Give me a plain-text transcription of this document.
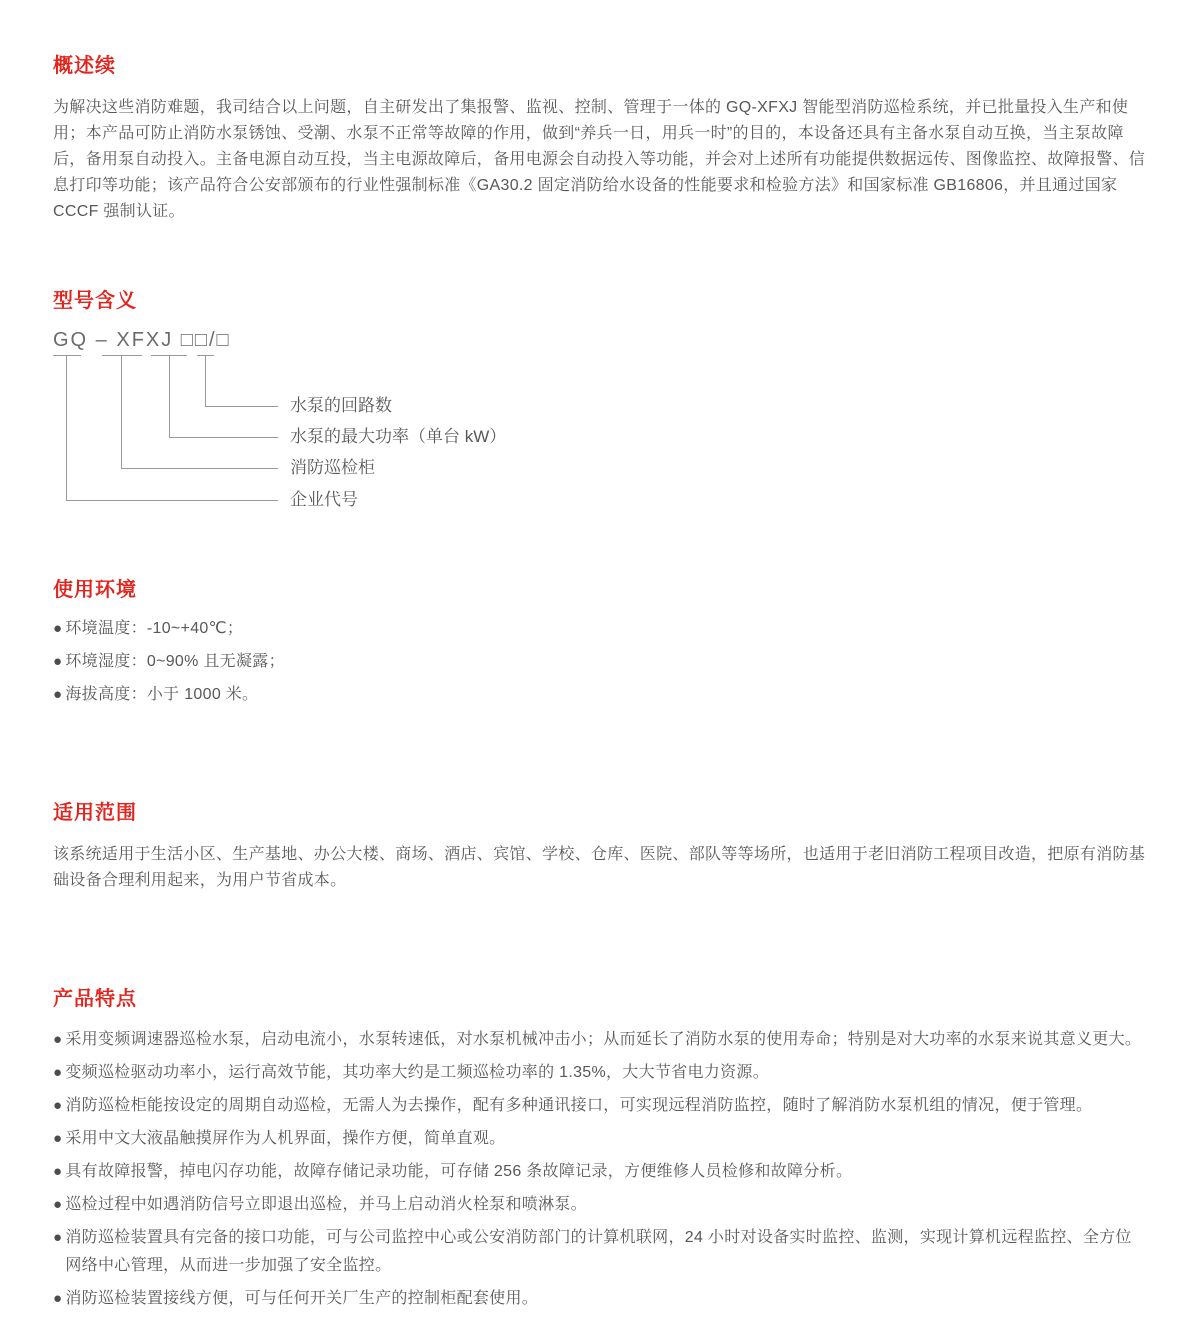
概述续

为解决这些消防难题，我司结合以上问题，自主研发出了集报警、监视、控制、管理于一体的 GQ-XFXJ 智能型消防巡检系统，并已批量投入生产和使用；本产品可防止消防水泵锈蚀、受潮、水泵不正常等故障的作用，做到“养兵一日，用兵一时”的目的，本设备还具有主备水泵自动互换，当主泵故障后，备用泵自动投入。主备电源自动互投，当主电源故障后，备用电源会自动投入等功能，并会对上述所有功能提供数据远传、图像监控、故障报警、信息打印等功能；该产品符合公安部颁布的行业性强制标准《GA30.2 固定消防给水设备的性能要求和检验方法》和国家标准 GB16806，并且通过国家 CCCF 强制认证。

型号含义
GQ – XFXJ □□/□
水泵的回路数
水泵的最大功率（单台 kW）
消防巡检柜
企业代号
使用环境
● 环境温度：-10~+40℃；
● 环境湿度：0~90% 且无凝露；
● 海拔高度：小于 1000 米。
适用范围

该系统适用于生活小区、生产基地、办公大楼、商场、酒店、宾馆、学校、仓库、医院、部队等等场所，也适用于老旧消防工程项目改造，把原有消防基础设备合理利用起来，为用户节省成本。

产品特点
● 采用变频调速器巡检水泵，启动电流小，水泵转速低，对水泵机械冲击小；从而延长了消防水泵的使用寿命；特别是对大功率的水泵来说其意义更大。
● 变频巡检驱动功率小，运行高效节能，其功率大约是工频巡检功率的 1.35%，大大节省电力资源。
● 消防巡检柜能按设定的周期自动巡检，无需人为去操作，配有多种通讯接口，可实现远程消防监控，随时了解消防水泵机组的情况，便于管理。
● 采用中文大液晶触摸屏作为人机界面，操作方便，简单直观。
● 具有故障报警，掉电闪存功能，故障存储记录功能，可存储 256 条故障记录，方便维修人员检修和故障分析。
● 巡检过程中如遇消防信号立即退出巡检，并马上启动消火栓泵和喷淋泵。
● 消防巡检装置具有完备的接口功能，可与公司监控中心或公安消防部门的计算机联网，24 小时对设备实时监控、监测，实现计算机远程监控、全方位网络中心管理，从而进一步加强了安全监控。
● 消防巡检装置接线方便，可与任何开关厂生产的控制柜配套使用。
